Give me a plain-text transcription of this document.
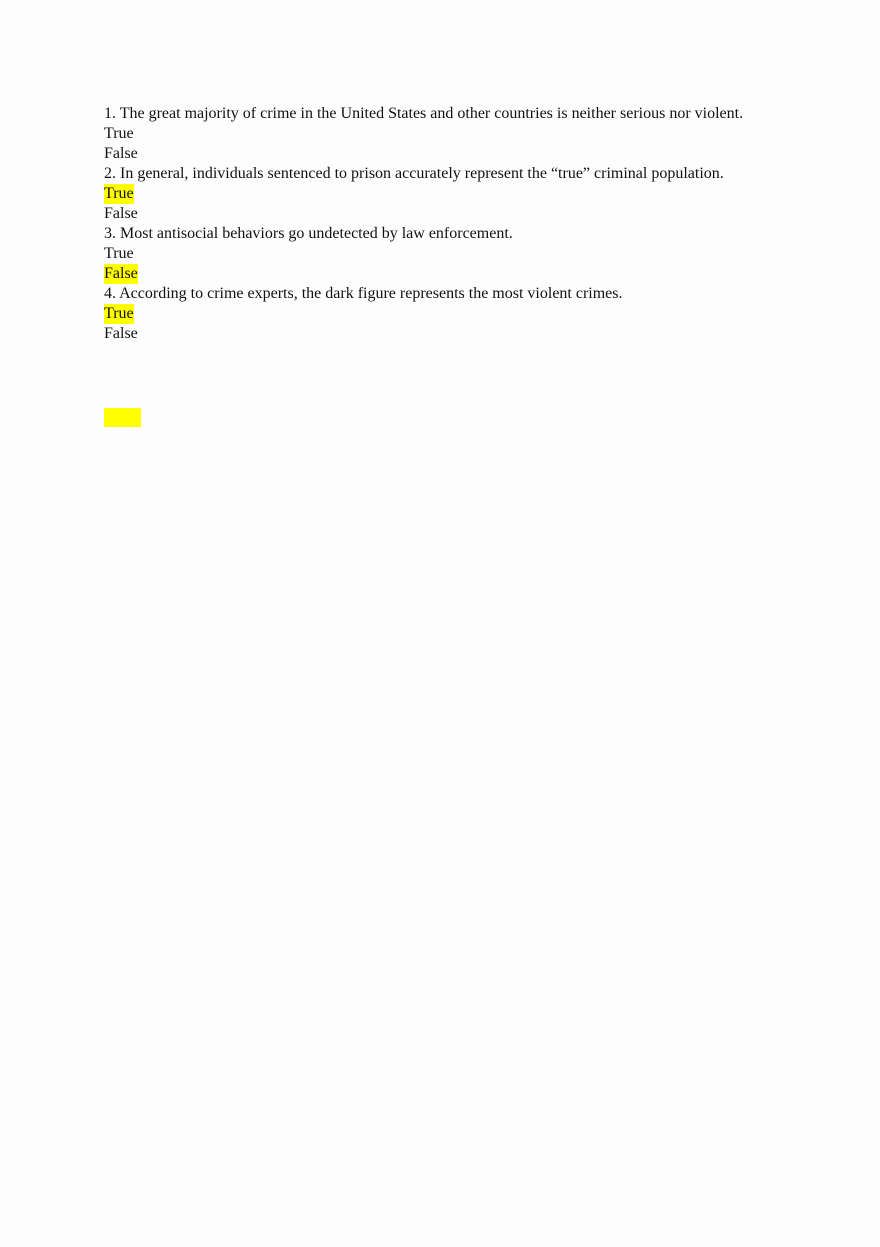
1. The great majority of crime in the United States and other countries is neither serious nor violent.
True
False
2. In general, individuals sentenced to prison accurately represent the “true” criminal population.
True
False
3. Most antisocial behaviors go undetected by law enforcement.
True
False
4. According to crime experts, the dark figure represents the most violent crimes.
True
False
